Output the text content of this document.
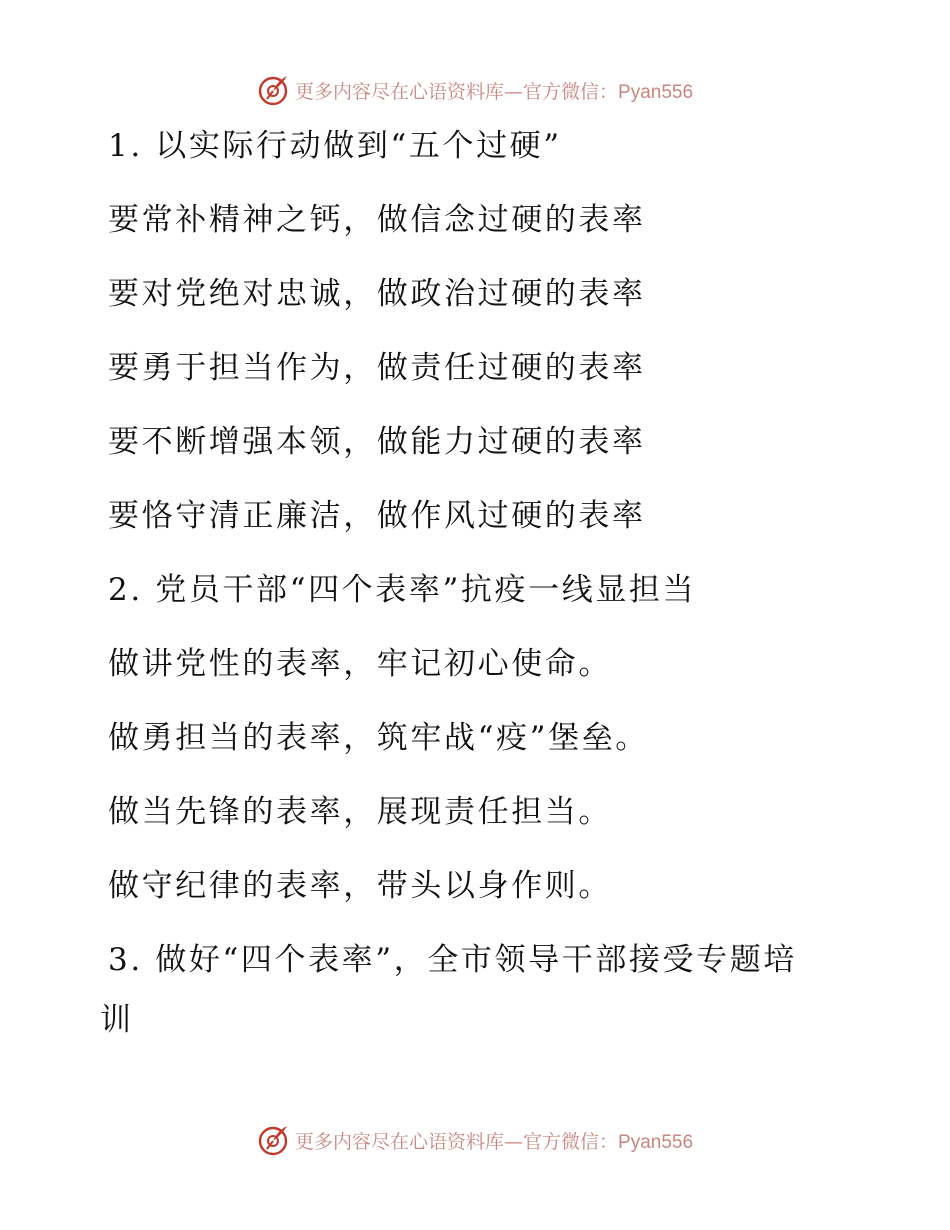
更多内容尽在心语资料库—官方微信：Pyan556
1. 以实际行动做到“五个过硬”
要常补精神之钙，做信念过硬的表率
要对党绝对忠诚，做政治过硬的表率
要勇于担当作为，做责任过硬的表率
要不断增强本领，做能力过硬的表率
要恪守清正廉洁，做作风过硬的表率
2. 党员干部“四个表率”抗疫一线显担当
做讲党性的表率，牢记初心使命。
做勇担当的表率，筑牢战“疫”堡垒。
做当先锋的表率，展现责任担当。
做守纪律的表率，带头以身作则。
3. 做好“四个表率”，全市领导干部接受专题培
训
更多内容尽在心语资料库—官方微信：Pyan556
